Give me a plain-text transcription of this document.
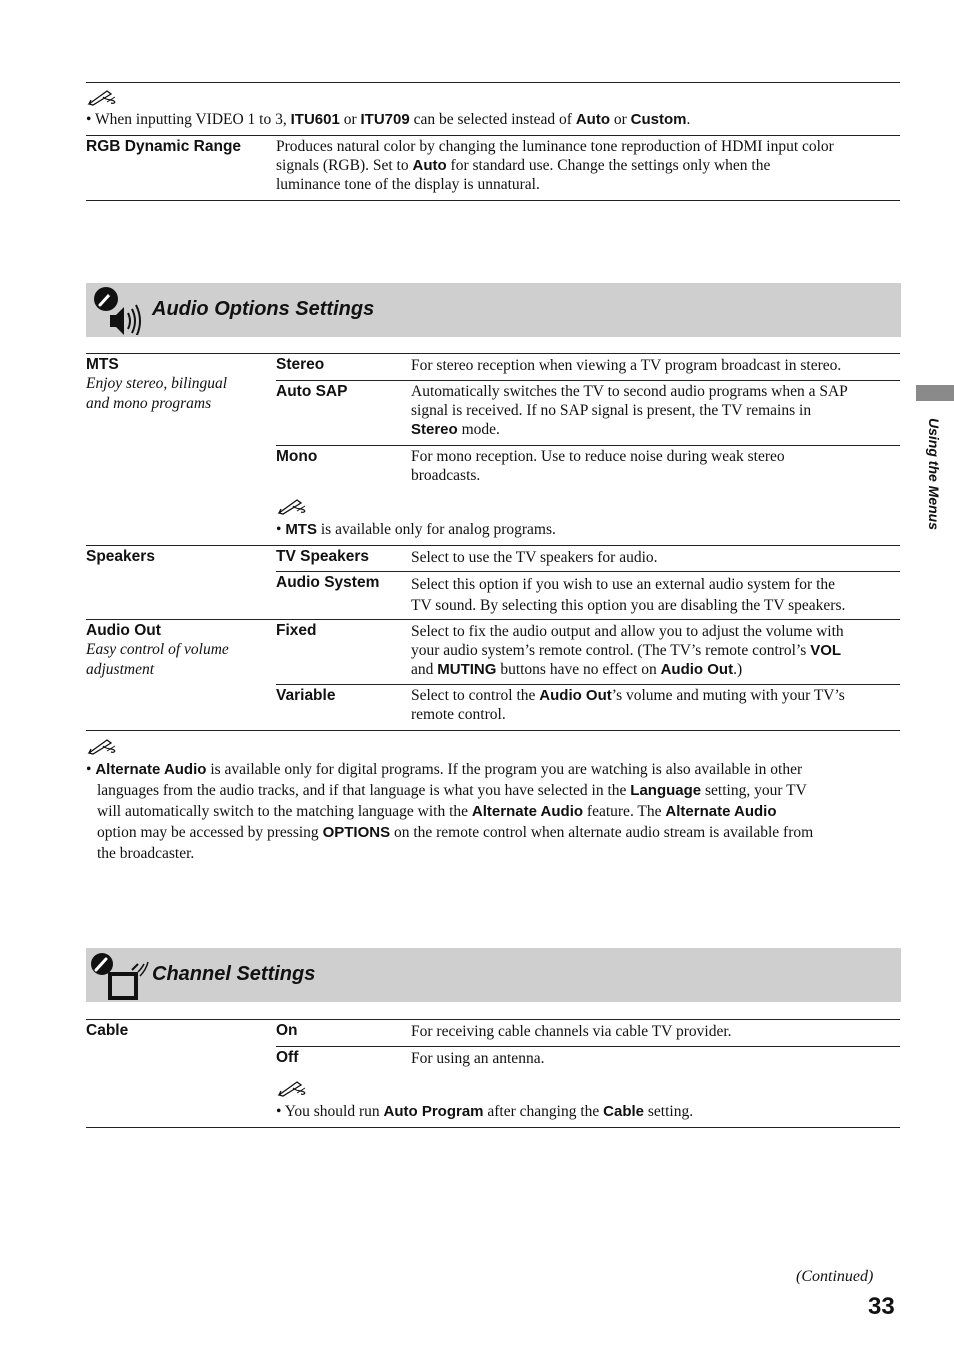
• When inputting VIDEO 1 to 3, ITU601 or ITU709 can be selected instead of Auto or Custom.
RGB Dynamic Range Produces natural color by changing the luminance tone reproduction of HDMI input color
signals (RGB). Set to Auto for standard use. Change the settings only when the
luminance tone of the display is unnatural.
Audio Options Settings
MTS
Enjoy stereo, bilingual
and mono programs
Stereo	For stereo reception when viewing a TV program broadcast in stereo.
Auto SAP	Automatically switches the TV to second audio programs when a SAP
signal is received. If no SAP signal is present, the TV remains in
Stereo mode.
Mono	For mono reception. Use to reduce noise during weak stereo
broadcasts.
• MTS is available only for analog programs.
Speakers	TV Speakers	Select to use the TV speakers for audio.
Audio System Select this option if you wish to use an external audio system for the
TV sound. By selecting this option you are disabling the TV speakers.
Audio Out
Easy control of volume
adjustment
Fixed	Select to fix the audio output and allow you to adjust the volume with
your audio system’s remote control. (The TV’s remote control’s VOL
and MUTING buttons have no effect on Audio Out.)
Variable	Select to control the Audio Out’s volume and muting with your TV’s
remote control.
• Alternate Audio is available only for digital programs. If the program you are watching is also available in other
languages from the audio tracks, and if that language is what you have selected in the Language setting, your TV
will automatically switch to the matching language with the Alternate Audio feature. The Alternate Audio
option may be accessed by pressing OPTIONS on the remote control when alternate audio stream is available from
the broadcaster.
Channel Settings
Cable	On	For receiving cable channels via cable TV provider.
Off	For using an antenna.
• You should run Auto Program after changing the Cable setting.
Using the Menus
(Continued)
33
